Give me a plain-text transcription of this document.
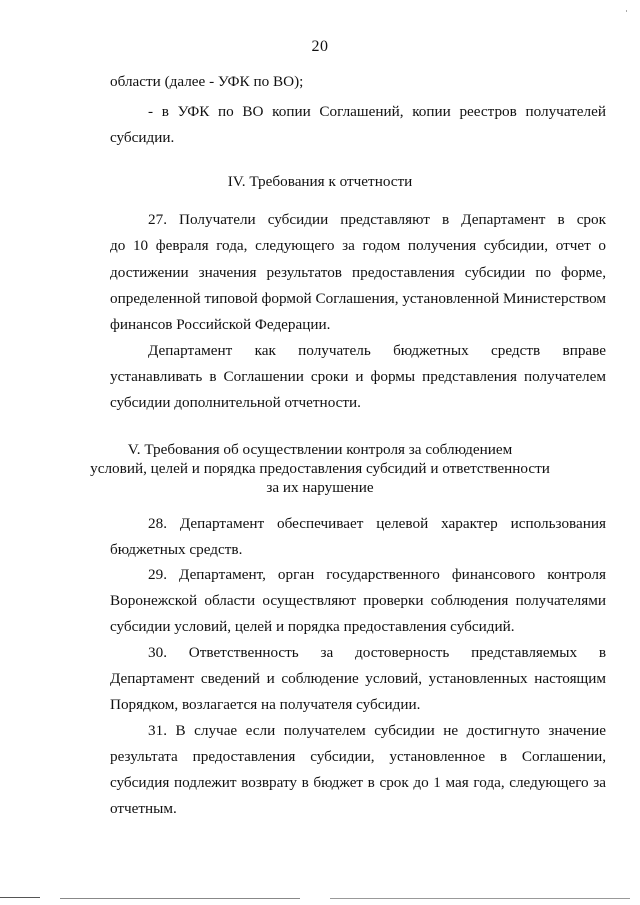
20
области (далее - УФК по ВО);
- в УФК по ВО копии Соглашений, копии реестров получателей
субсидии.
IV. Требования к отчетности
27. Получатели субсидии представляют в Департамент в срок
до 10 февраля года, следующего за годом получения субсидии, отчет о
достижении значения результатов предоставления субсидии по форме,
определенной типовой формой Соглашения, установленной Министерством
финансов Российской Федерации.
Департамент как получатель бюджетных средств вправе
устанавливать в Соглашении сроки и формы представления получателем
субсидии дополнительной отчетности.
V. Требования об осуществлении контроля за соблюдением
условий, целей и порядка предоставления субсидий и ответственности
за их нарушение
28. Департамент обеспечивает целевой характер использования
бюджетных средств.
29. Департамент, орган государственного финансового контроля
Воронежской области осуществляют проверки соблюдения получателями
субсидии условий, целей и порядка предоставления субсидий.
30. Ответственность за достоверность представляемых в
Департамент сведений и соблюдение условий, установленных настоящим
Порядком, возлагается на получателя субсидии.
31. В случае если получателем субсидии не достигнуто значение
результата предоставления субсидии, установленное в Соглашении,
субсидия подлежит возврату в бюджет в срок до 1 мая года, следующего за
отчетным.
